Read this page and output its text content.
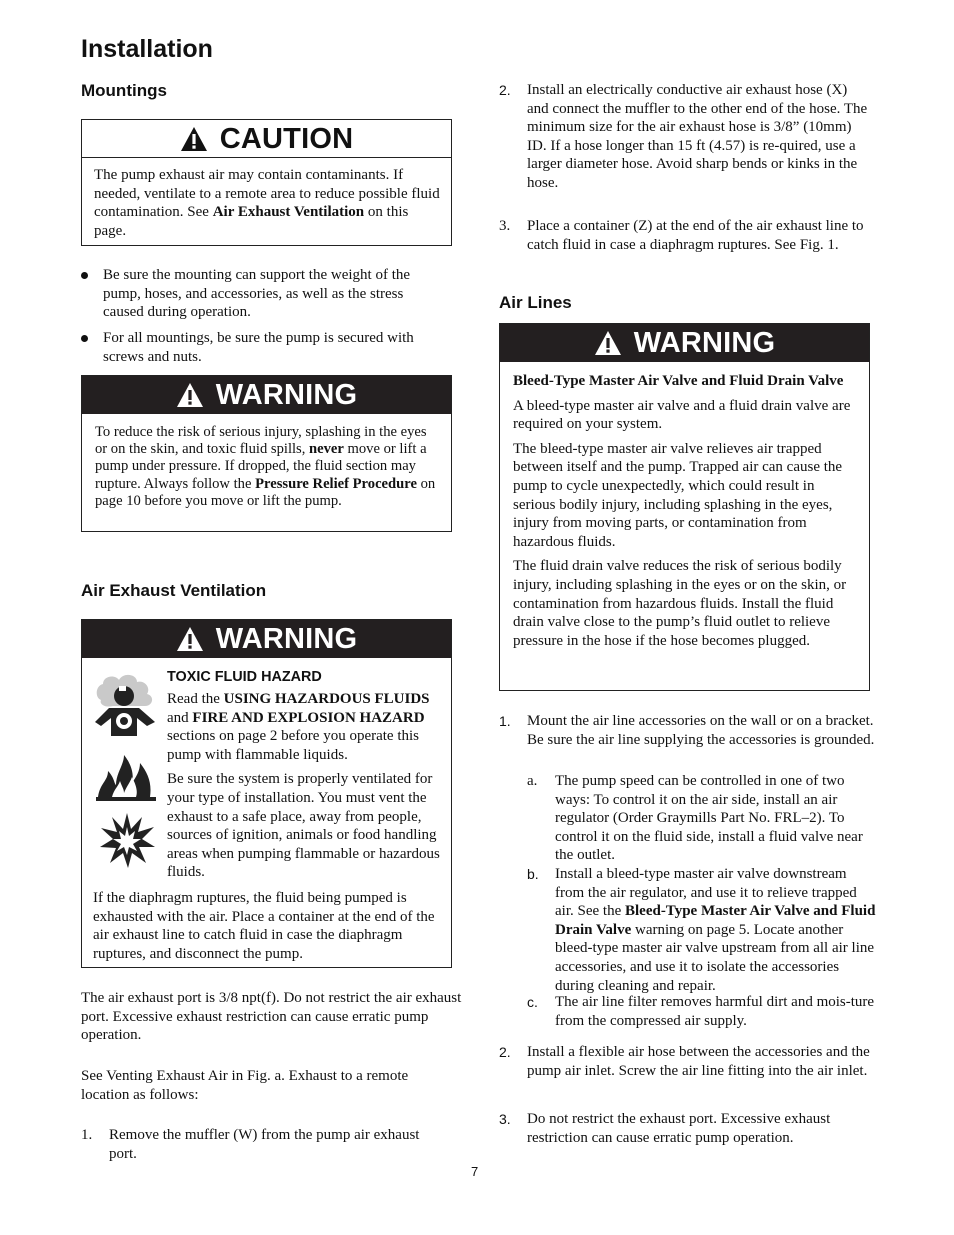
Installation
Mountings
CAUTION

The pump exhaust air may contain contaminants. If needed, ventilate to a remote area to reduce possible fluid contamination. See Air Exhaust Ventilation on this page.

Be sure the mounting can support the weight of the pump, hoses, and accessories, as well as the stress caused during operation.
For all mountings, be sure the pump is secured with screws and nuts.
WARNING

To reduce the risk of serious injury, splashing in the eyes or on the skin, and toxic fluid spills, never move or lift a pump under pressure. If dropped, the fluid section may rupture. Always follow the Pressure Relief Procedure on page 10 before you move or lift the pump.

Air Exhaust Ventilation
WARNING
TOXIC FLUID HAZARD

Read the USING HAZARDOUS FLUIDS and FIRE AND EXPLOSION HAZARD sections on page 2 before you operate this pump with flammable liquids.

Be sure the system is properly ventilated for your type of installation. You must vent the exhaust to a safe place, away from people, sources of ignition, animals or food handling areas when pumping flammable or hazardous fluids.

If the diaphragm ruptures, the fluid being pumped is exhausted with the air. Place a container at the end of the air exhaust line to catch fluid in case the diaphragm ruptures, and disconnect the pump.

The air exhaust port is 3/8 npt(f). Do not restrict the air exhaust port. Excessive exhaust restriction can cause erratic pump operation.

See Venting Exhaust Air in Fig. a. Exhaust to a remote location as follows:

1. Remove the muffler (W) from the pump air exhaust port.
7
2. Install an electrically conductive air exhaust hose (X) and connect the muffler to the other end of the hose. The minimum size for the air exhaust hose is 3/8” (10mm) ID. If a hose longer than 15 ft (4.57) is re-quired, use a larger diameter hose. Avoid sharp bends or kinks in the hose.
3. Place a container (Z) at the end of the air exhaust line to catch fluid in case a diaphragm ruptures. See Fig. 1.
Air Lines
WARNING

Bleed-Type Master Air Valve and Fluid Drain Valve

A bleed-type master air valve and a fluid drain valve are required on your system.

The bleed-type master air valve relieves air trapped between itself and the pump. Trapped air can cause the pump to cycle unexpectedly, which could result in serious bodily injury, including splashing in the eyes, injury from moving parts, or contamination from hazardous fluids.

The fluid drain valve reduces the risk of serious bodily injury, including splashing in the eyes or on the skin, or contamination from hazardous fluids. Install the fluid drain valve close to the pump’s fluid outlet to relieve pressure in the hose if the hose becomes plugged.

1. Mount the air line accessories on the wall or on a bracket. Be sure the air line supplying the accessories is grounded.
a. The pump speed can be controlled in one of two ways: To control it on the air side, install an air regulator (Order Graymills Part No. FRL–2). To control it on the fluid side, install a fluid valve near the outlet.
b. Install a bleed-type master air valve downstream from the air regulator, and use it to relieve trapped air. See the Bleed-Type Master Air Valve and Fluid Drain Valve warning on page 5. Locate another bleed-type master air valve upstream from all air line accessories, and use it to isolate the accessories during cleaning and repair.
c. The air line filter removes harmful dirt and mois-ture from the compressed air supply.
2. Install a flexible air hose between the accessories and the pump air inlet. Screw the air line fitting into the air inlet.
3. Do not restrict the exhaust port. Excessive exhaust restriction can cause erratic pump operation.
